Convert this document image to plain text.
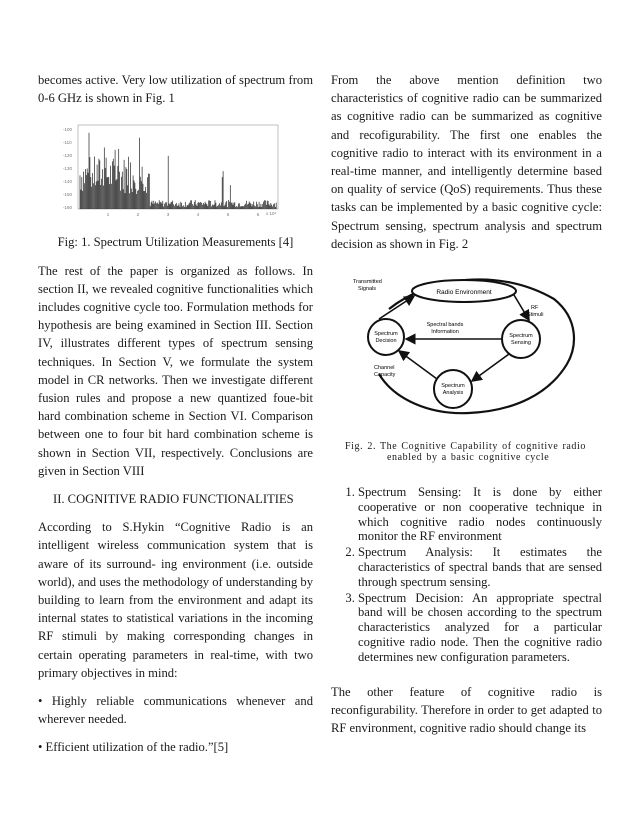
becomes active. Very low utilization of spectrum from 0-6 GHz is shown in Fig. 1

-100
-110
-120
-130
-140
-150
-160
1	2	3	4	5	6 x 10⁴

Fig: 1. Spectrum Utilization Measurements [4]

The rest of the paper is organized as follows. In section II, we revealed cognitive functionalities which includes cognitive cycle too. Formulation methods for hypothesis are being examined in Section III. Section IV, illustrates different types of spectrum sensing techniques. In Section V, we formulate the system model in CR networks. Then we investigate different fusion rules and propose a new quantized foue-bit hard combination scheme in Section VI. Comparison between one to four bit hard combination scheme is shown in Section VII, respectively. Conclusions are given in Section VIII

II. COGNITIVE RADIO FUNCTIONALITIES

According to S.Hykin “Cognitive Radio is an intelligent wireless communication system that is aware of its surround- ing environment (i.e. outside world), and uses the methodology of understanding by building to learn from the environment and adapt its internal states to statistical variations in the incoming RF stimuli by making corresponding changes in certain operating parameters in real-time, with two primary objectives in mind:

• Highly reliable communications whenever and wherever needed.

• Efficient utilization of the radio.”[5]

From the above mention definition two characteristics of cognitive radio can be summarized as cognitive radio can be summarized as cognitive and recofigurability. The first one enables the cognitive radio to interact with its environment in a real-time manner, and intelligently determine based on quality of service (QoS) requirements. Thus these tasks can be implemented by a basic cognitive cycle: Spectrum sensing, spectrum analysis and spectrum decision as shown in Fig. 2

Radio Environment
Spectrum
Decision
Spectrum
Sensing
Spectrum
Analysis
Transmitted
Signals
RF
Stimuli
Spectral bands
Information
Channel
Capacity
Fig. 2. The Cognitive Capability of cognitive radio
enabled by a basic cognitive cycle
1. Spectrum Sensing: It is done by either cooperative or non cooperative technique in which cognitive radio nodes continuously monitor the RF environment
2. Spectrum Analysis: It estimates the characteristics of spectral bands that are sensed through spectrum sensing.
3. Spectrum Decision: An appropriate spectral band will be chosen according to the spectrum characteristics analyzed for a particular cognitive radio node. Then the cognitive radio determines new configuration parameters.

The other feature of cognitive radio is reconfigurability. Therefore in order to get adapted to RF environment, cognitive radio should change its
